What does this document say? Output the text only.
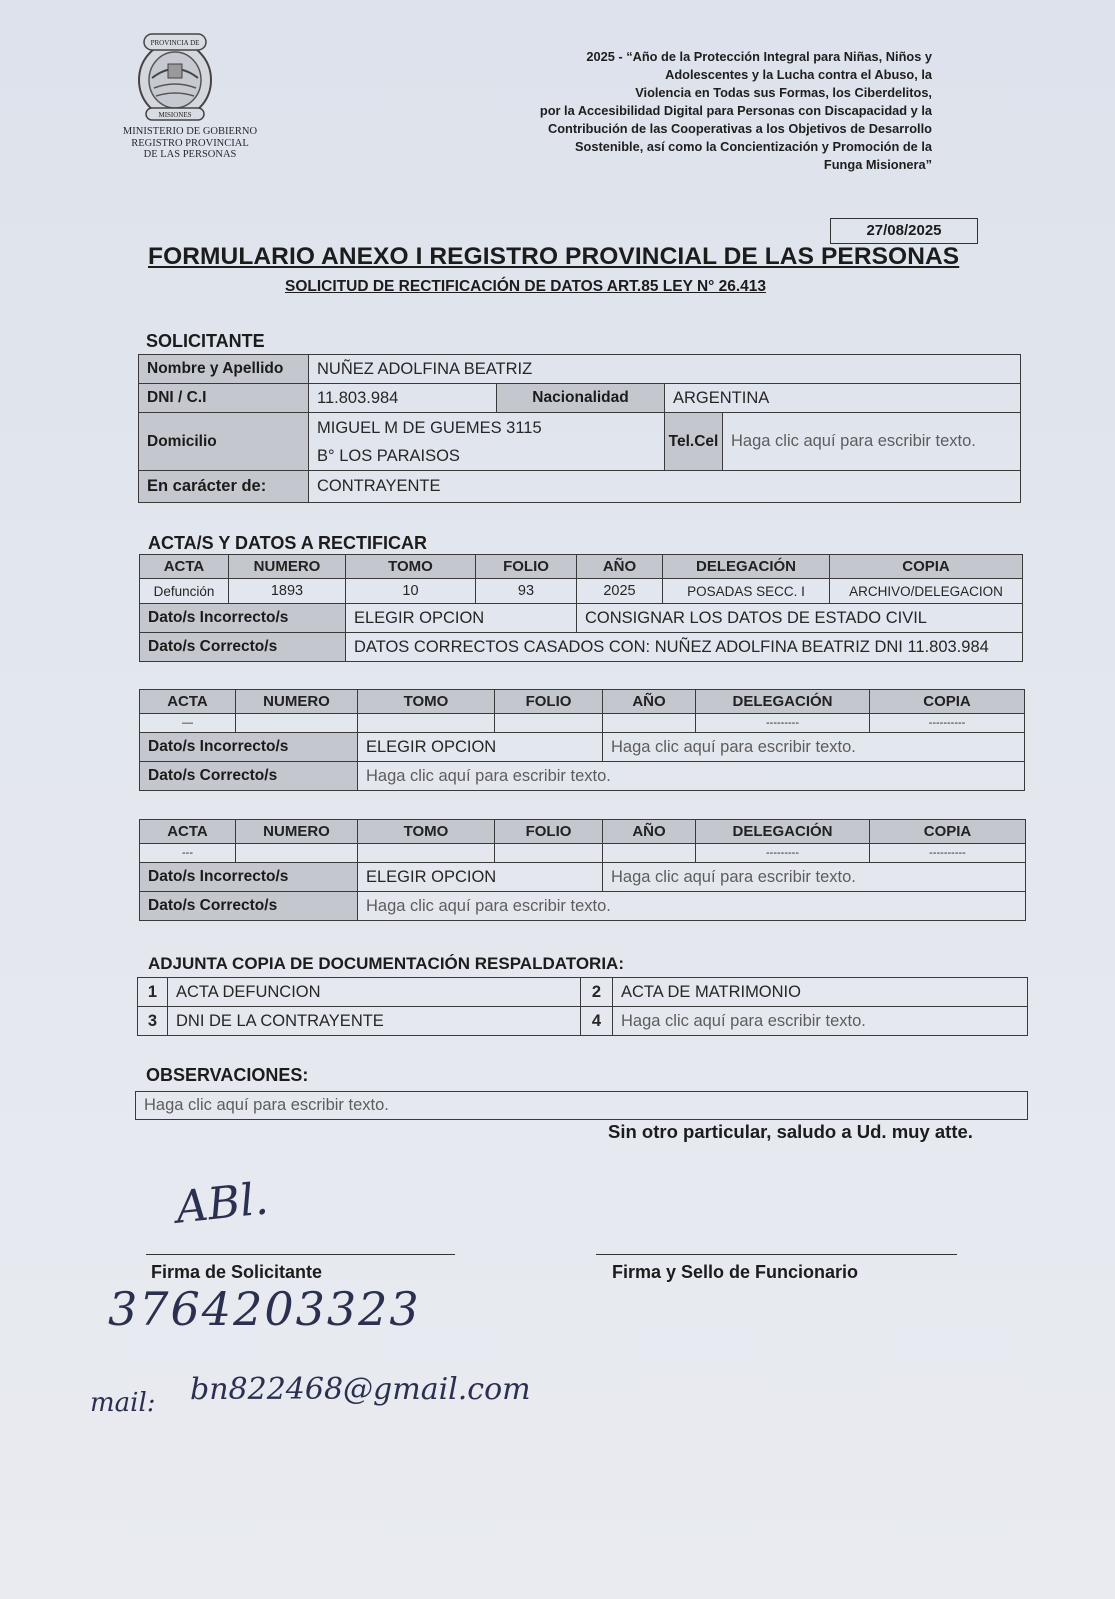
PROVINCIA DE
MISIONES
MINISTERIO DE GOBIERNO
REGISTRO PROVINCIAL
DE LAS PERSONAS
2025 - “Año de la Protección Integral para Niñas, Niños y
Adolescentes y la Lucha contra el Abuso, la
Violencia en Todas sus Formas, los Ciberdelitos,
por la Accesibilidad Digital para Personas con Discapacidad y la
Contribución de las Cooperativas a los Objetivos de Desarrollo
Sostenible, así como la Concientización y Promoción de la
Funga Misionera”
27/08/2025
FORMULARIO ANEXO I REGISTRO PROVINCIAL DE LAS PERSONAS
SOLICITUD DE RECTIFICACIÓN DE DATOS ART.85 LEY N° 26.413
SOLICITANTE
Nombre y Apellido	NUÑEZ ADOLFINA BEATRIZ			
DNI / C.I	11.803.984	Nacionalidad	ARGENTINA	
Domicilio	MIGUEL M DE GUEMES 3115
B° LOS PARAISOS		Tel.Cel	Haga clic aquí para escribir texto.
En carácter de:	CONTRAYENTE			
ACTA/S Y DATOS A RECTIFICAR
ACTA	NUMERO	TOMO	FOLIO	AÑO	DELEGACIÓN	COPIA
Defunción	1893	10	93	2025	POSADAS SECC. I	ARCHIVO/DELEGACION
Dato/s Incorrecto/s		ELEGIR OPCION		CONSIGNAR LOS DATOS DE ESTADO CIVIL		
Dato/s Correcto/s		DATOS CORRECTOS CASADOS CON: NUÑEZ ADOLFINA BEATRIZ DNI 11.803.984				
ACTA	NUMERO	TOMO	FOLIO	AÑO	DELEGACIÓN	COPIA
—					---------	----------
Dato/s Incorrecto/s		ELEGIR OPCION		Haga clic aquí para escribir texto.		
Dato/s Correcto/s		Haga clic aquí para escribir texto.				
ACTA	NUMERO	TOMO	FOLIO	AÑO	DELEGACIÓN	COPIA
---					---------	----------
Dato/s Incorrecto/s		ELEGIR OPCION		Haga clic aquí para escribir texto.		
Dato/s Correcto/s		Haga clic aquí para escribir texto.				
ADJUNTA COPIA DE DOCUMENTACIÓN RESPALDATORIA:
1	ACTA DEFUNCION	2	ACTA DE MATRIMONIO
3	DNI DE LA CONTRAYENTE	4	Haga clic aquí para escribir texto.
OBSERVACIONES:
Haga clic aquí para escribir texto.
Sin otro particular, saludo a Ud. muy atte.
ABl.
Firma de Solicitante	Firma y Sello de Funcionario
3764203323
mail: bn822468@gmail.com
